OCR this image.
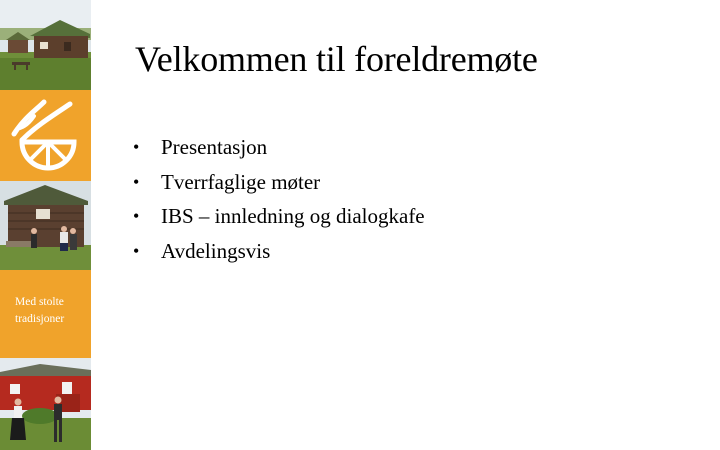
Med stolte tradisjoner
Velkommen til foreldremøte
• Presentasjon
• Tverrfaglige møter
• IBS – innledning og dialogkafe
• Avdelingsvis
